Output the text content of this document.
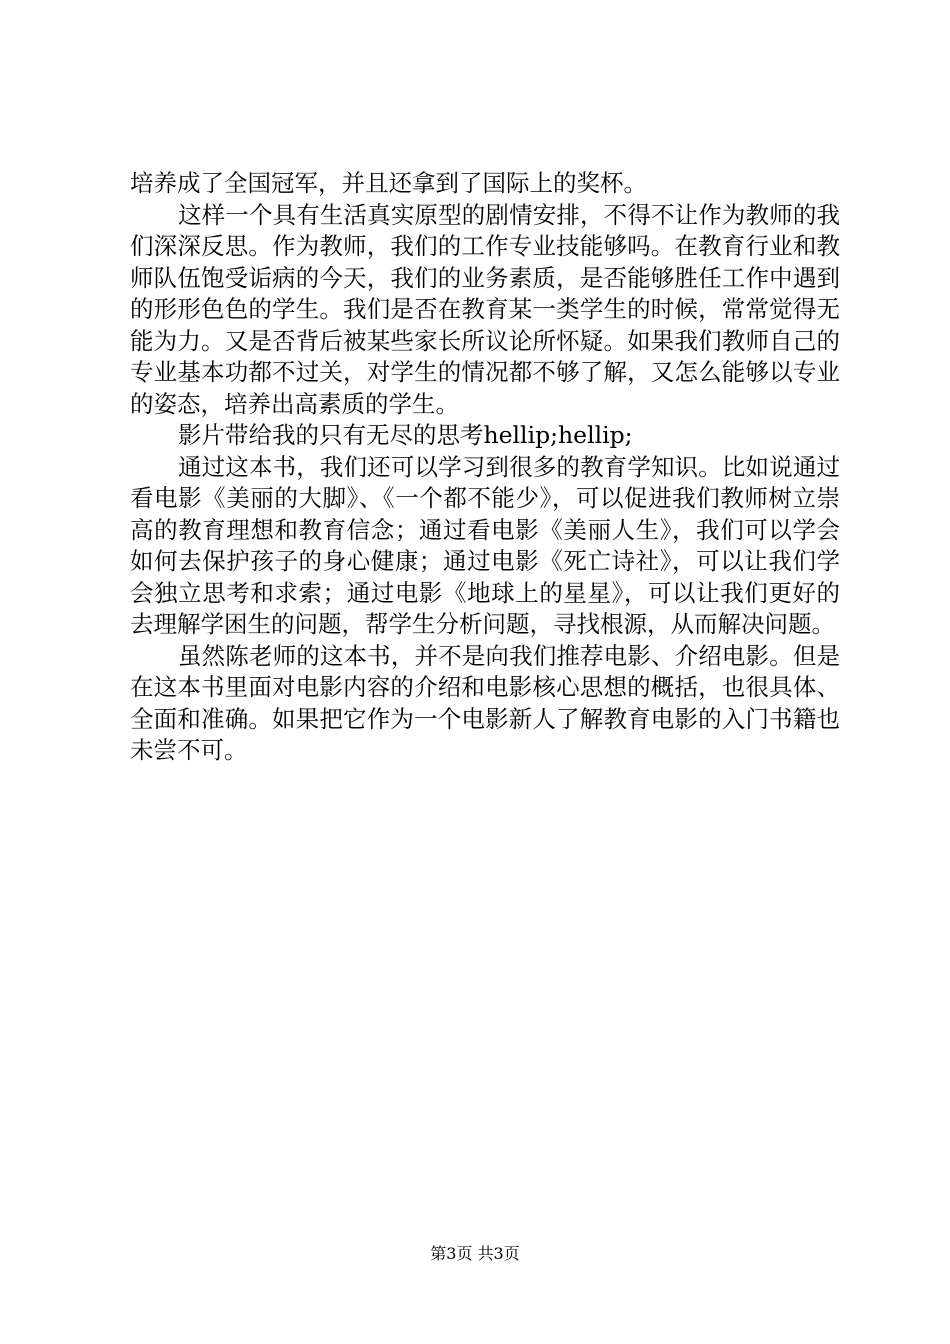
培养成了全国冠军，并且还拿到了国际上的奖杯。

这样一个具有生活真实原型的剧情安排，不得不让作为教师的我们深深反思。作为教师，我们的工作专业技能够吗。在教育行业和教师队伍饱受诟病的今天，我们的业务素质，是否能够胜任工作中遇到的形形色色的学生。我们是否在教育某一类学生的时候，常常觉得无能为力。又是否背后被某些家长所议论所怀疑。如果我们教师自己的专业基本功都不过关，对学生的情况都不够了解，又怎么能够以专业的姿态，培养出高素质的学生。

影片带给我的只有无尽的思考hellip;hellip;

通过这本书，我们还可以学习到很多的教育学知识。比如说通过看电影《美丽的大脚》、《一个都不能少》，可以促进我们教师树立崇高的教育理想和教育信念；通过看电影《美丽人生》，我们可以学会如何去保护孩子的身心健康；通过电影《死亡诗社》，可以让我们学会独立思考和求索；通过电影《地球上的星星》，可以让我们更好的去理解学困生的问题，帮学生分析问题，寻找根源，从而解决问题。

虽然陈老师的这本书，并不是向我们推荐电影、介绍电影。但是在这本书里面对电影内容的介绍和电影核心思想的概括，也很具体、全面和准确。如果把它作为一个电影新人了解教育电影的入门书籍也未尝不可。

第3页 共3页
